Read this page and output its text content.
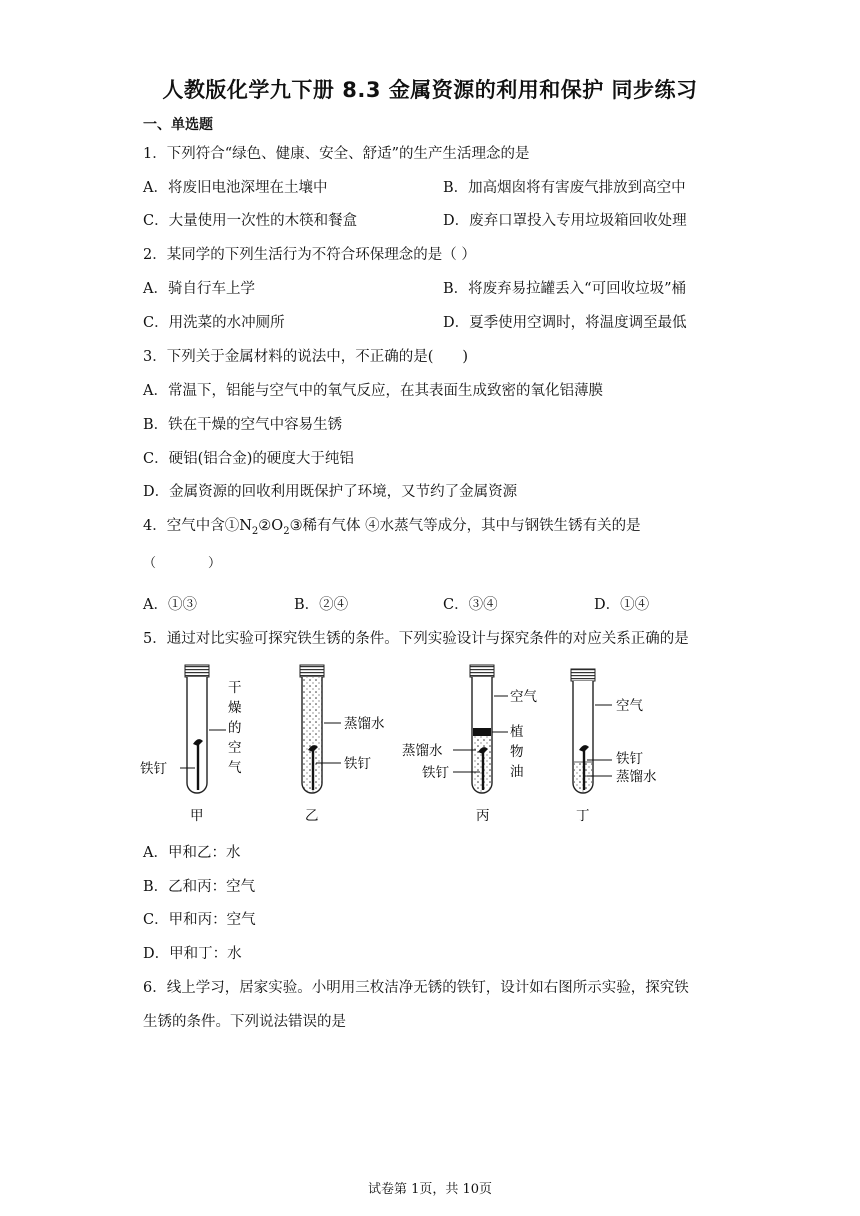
人教版化学九下册 8.3 金属资源的利用和保护 同步练习
一、单选题
1．下列符合“绿色、健康、安全、舒适”的生产生活理念的是
A．将废旧电池深埋在土壤中	B．加高烟囱将有害废气排放到高空中
C．大量使用一次性的木筷和餐盒	D．废弃口罩投入专用垃圾箱回收处理
2．某同学的下列生活行为不符合环保理念的是（ ）
A．骑自行车上学	B．将废弃易拉罐丢入“可回收垃圾”桶
C．用洗菜的水冲厕所	D．夏季使用空调时，将温度调至最低
3．下列关于金属材料的说法中，不正确的是(　　)
A．常温下，铝能与空气中的氧气反应，在其表面生成致密的氧化铝薄膜
B．铁在干燥的空气中容易生锈
C．硬铝(铝合金)的硬度大于纯铝
D．金属资源的回收利用既保护了环境，又节约了金属资源
4．空气中含$①N_2②O_2③$稀有气体 ④水蒸气等成分，其中与钢铁生锈有关的是
（　　　　）
A．①③	B．②④	C．③④	D．①④
5．通过对比实验可探究铁生锈的条件。下列实验设计与探究条件的对应关系正确的是
铁钉
干
燥
的
空
气
甲
蒸馏水
铁钉
乙
空气
植
物
油
蒸馏水
铁钉
丙
空气
铁钉
蒸馏水
丁
A．甲和乙：水
B．乙和丙：空气
C．甲和丙：空气
D．甲和丁：水
6．线上学习，居家实验。小明用三枚洁净无锈的铁钉，设计如右图所示实验，探究铁
生锈的条件。下列说法错误的是
试卷第 1页，共 10页
